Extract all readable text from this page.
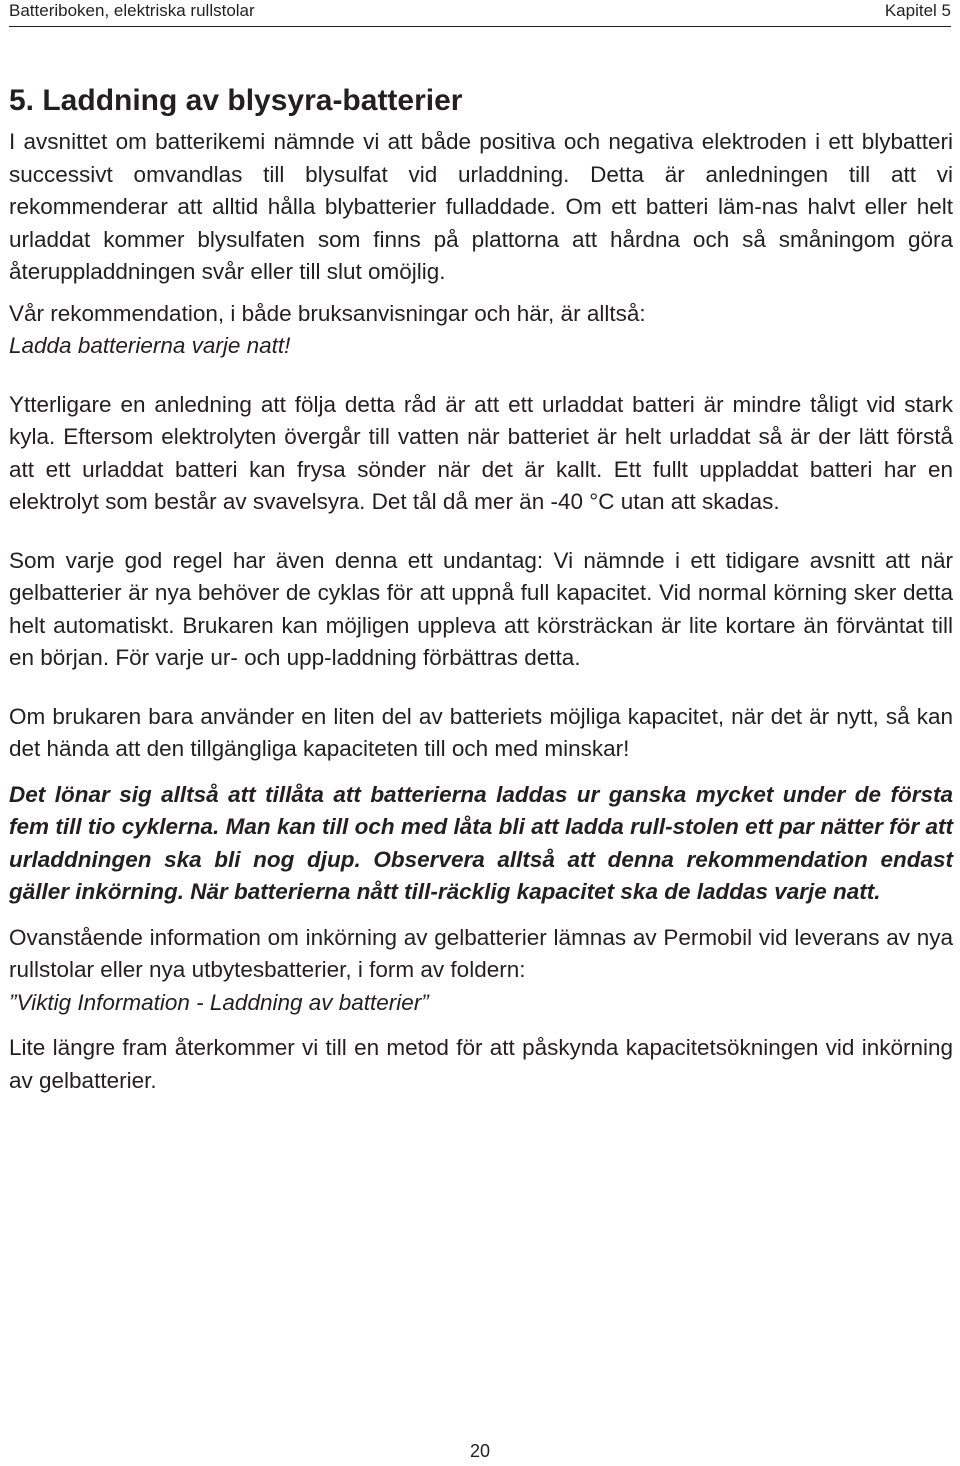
Batteriboken, elektriska rullstolar	Kapitel 5
5. Laddning av blysyra-batterier

I avsnittet om batterikemi nämnde vi att både positiva och negativa elektroden i ett blybatteri successivt omvandlas till blysulfat vid urladdning. Detta är anledningen till att vi rekommenderar att alltid hålla blybatterier fulladdade. Om ett batteri läm-nas halvt eller helt urladdat kommer blysulfaten som finns på plattorna att hårdna och så småningom göra återuppladdningen svår eller till slut omöjlig.

Vår rekommendation, i både bruksanvisningar och här, är alltså:

Ladda batterierna varje natt!

Ytterligare en anledning att följa detta råd är att ett urladdat batteri är mindre tåligt vid stark kyla. Eftersom elektrolyten övergår till vatten när batteriet är helt urladdat så är der lätt förstå att ett urladdat batteri kan frysa sönder när det är kallt. Ett fullt uppladdat batteri har en elektrolyt som består av svavelsyra. Det tål då mer än -40 °C utan att skadas.

Som varje god regel har även denna ett undantag: Vi nämnde i ett tidigare avsnitt att när gelbatterier är nya behöver de cyklas för att uppnå full kapacitet. Vid normal körning sker detta helt automatiskt. Brukaren kan möjligen uppleva att körsträckan är lite kortare än förväntat till en början. För varje ur- och upp-laddning förbättras detta.

Om brukaren bara använder en liten del av batteriets möjliga kapacitet, när det är nytt, så kan det hända att den tillgängliga kapaciteten till och med minskar!

Det lönar sig alltså att tillåta att batterierna laddas ur ganska mycket under de första fem till tio cyklerna. Man kan till och med låta bli att ladda rull-stolen ett par nätter för att urladdningen ska bli nog djup. Observera alltså att denna rekommendation endast gäller inkörning. När batterierna nått till-räcklig kapacitet ska de laddas varje natt.

Ovanstående information om inkörning av gelbatterier lämnas av Permobil vid leverans av nya rullstolar eller nya utbytesbatterier, i form av foldern:

”Viktig Information - Laddning av batterier”

Lite längre fram återkommer vi till en metod för att påskynda kapacitetsökningen vid inkörning av gelbatterier.

20
